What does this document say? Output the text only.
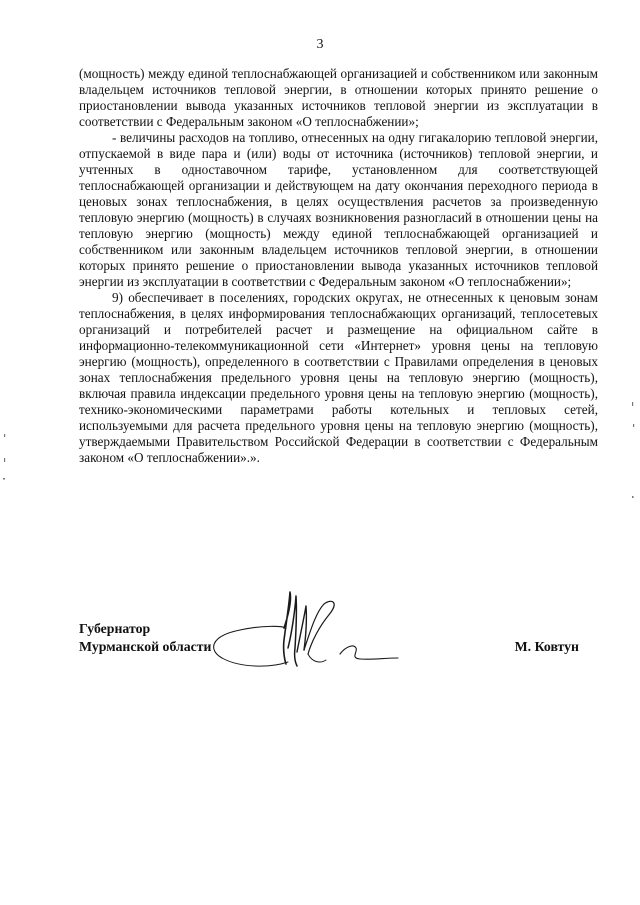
3

(мощность) между единой теплоснабжающей организацией и собственником или законным владельцем источников тепловой энергии, в отношении которых принято решение о приостановлении вывода указанных источников тепловой энергии из эксплуатации в соответствии с Федеральным законом «О теплоснабжении»;

- величины расходов на топливо, отнесенных на одну гигакалорию тепловой энергии, отпускаемой в виде пара и (или) воды от источника (источников) тепловой энергии, и учтенных в одноставочном тарифе, установленном для соответствующей теплоснабжающей организации и действующем на дату окончания переходного периода в ценовых зонах теплоснабжения, в целях осуществления расчетов за произведенную тепловую энергию (мощность) в случаях возникновения разногласий в отношении цены на тепловую энергию (мощность) между единой теплоснабжающей организацией и собственником или законным владельцем источников тепловой энергии, в отношении которых принято решение о приостановлении вывода указанных источников тепловой энергии из эксплуатации в соответствии с Федеральным законом «О теплоснабжении»;

9) обеспечивает в поселениях, городских округах, не отнесенных к ценовым зонам теплоснабжения, в целях информирования теплоснабжающих организаций, теплосетевых организаций и потребителей расчет и размещение на официальном сайте в информационно-телекоммуникационной сети «Интернет» уровня цены на тепловую энергию (мощность), определенного в соответствии с Правилами определения в ценовых зонах теплоснабжения предельного уровня цены на тепловую энергию (мощность), включая правила индексации предельного уровня цены на тепловую энергию (мощность), технико-экономическими параметрами работы котельных и тепловых сетей, используемыми для расчета предельного уровня цены на тепловую энергию (мощность), утверждаемыми Правительством Российской Федерации в соответствии с Федеральным законом «О теплоснабжении».».

Губернатор
Мурманской области	М. Ковтун
